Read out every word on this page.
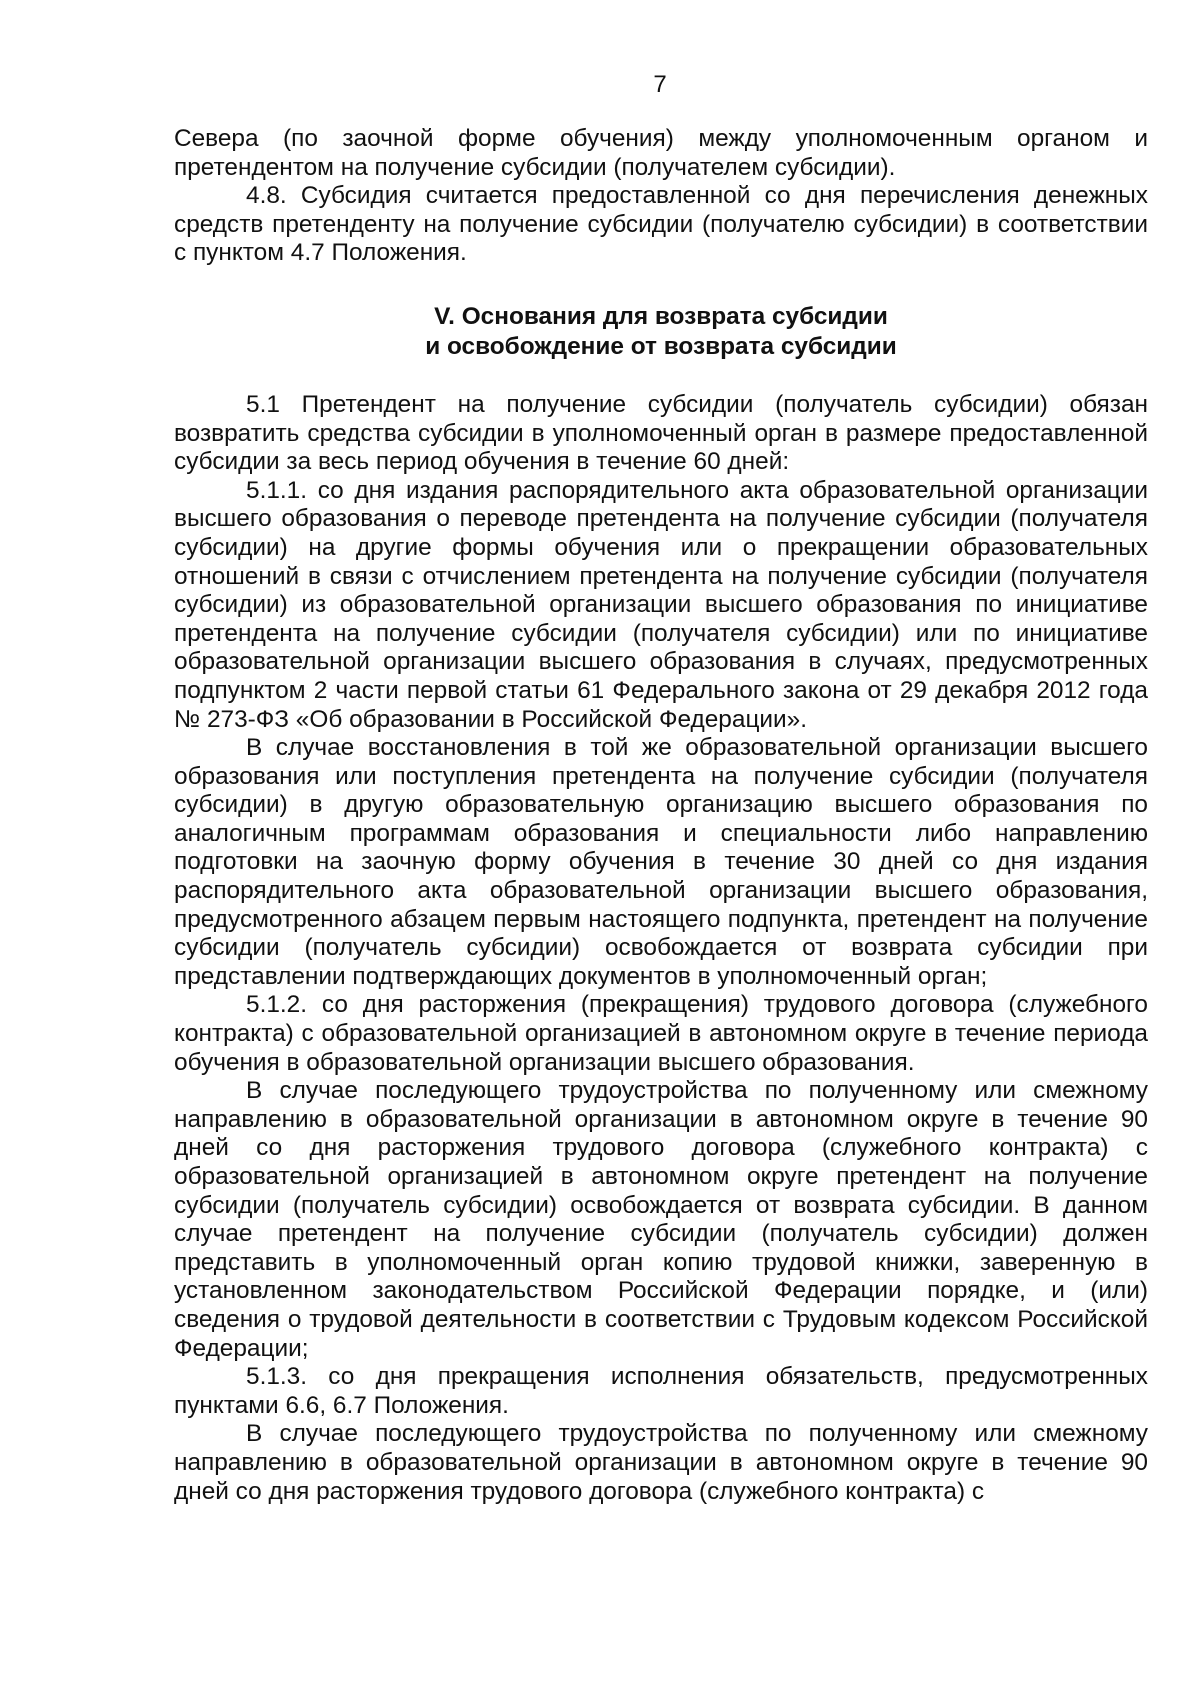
7

Севера (по заочной форме обучения) между уполномоченным органом и претендентом на получение субсидии (получателем субсидии).

4.8. Субсидия считается предоставленной со дня перечисления денежных средств претенденту на получение субсидии (получателю субсидии) в соответствии с пунктом 4.7 Положения.

V. Основания для возврата субсидии
и освобождение от возврата субсидии

5.1 Претендент на получение субсидии (получатель субсидии) обязан возвратить средства субсидии в уполномоченный орган в размере предоставленной субсидии за весь период обучения в течение 60 дней:

5.1.1. со дня издания распорядительного акта образовательной организации высшего образования о переводе претендента на получение субсидии (получателя субсидии) на другие формы обучения или о прекращении образовательных отношений в связи с отчислением претендента на получение субсидии (получателя субсидии) из образовательной организации высшего образования по инициативе претендента на получение субсидии (получателя субсидии) или по инициативе образовательной организации высшего образования в случаях, предусмотренных подпунктом 2 части первой статьи 61 Федерального закона от 29 декабря 2012 года № 273-ФЗ «Об образовании в Российской Федерации».

В случае восстановления в той же образовательной организации высшего образования или поступления претендента на получение субсидии (получателя субсидии) в другую образовательную организацию высшего образования по аналогичным программам образования и специальности либо направлению подготовки на заочную форму обучения в течение 30 дней со дня издания распорядительного акта образовательной организации высшего образования, предусмотренного абзацем первым настоящего подпункта, претендент на получение субсидии (получатель субсидии) освобождается от возврата субсидии при представлении подтверждающих документов в уполномоченный орган;

5.1.2. со дня расторжения (прекращения) трудового договора (служебного контракта) с образовательной организацией в автономном округе в течение периода обучения в образовательной организации высшего образования.

В случае последующего трудоустройства по полученному или смежному направлению в образовательной организации в автономном округе в течение 90 дней со дня расторжения трудового договора (служебного контракта) с образовательной организацией в автономном округе претендент на получение субсидии (получатель субсидии) освобождается от возврата субсидии. В данном случае претендент на получение субсидии (получатель субсидии) должен представить в уполномоченный орган копию трудовой книжки, заверенную в установленном законодательством Российской Федерации порядке, и (или) сведения о трудовой деятельности в соответствии с Трудовым кодексом Российской Федерации;

5.1.3. со дня прекращения исполнения обязательств, предусмотренных пунктами 6.6, 6.7 Положения.

В случае последующего трудоустройства по полученному или смежному направлению в образовательной организации в автономном округе в течение 90 дней со дня расторжения трудового договора (служебного контракта) с
